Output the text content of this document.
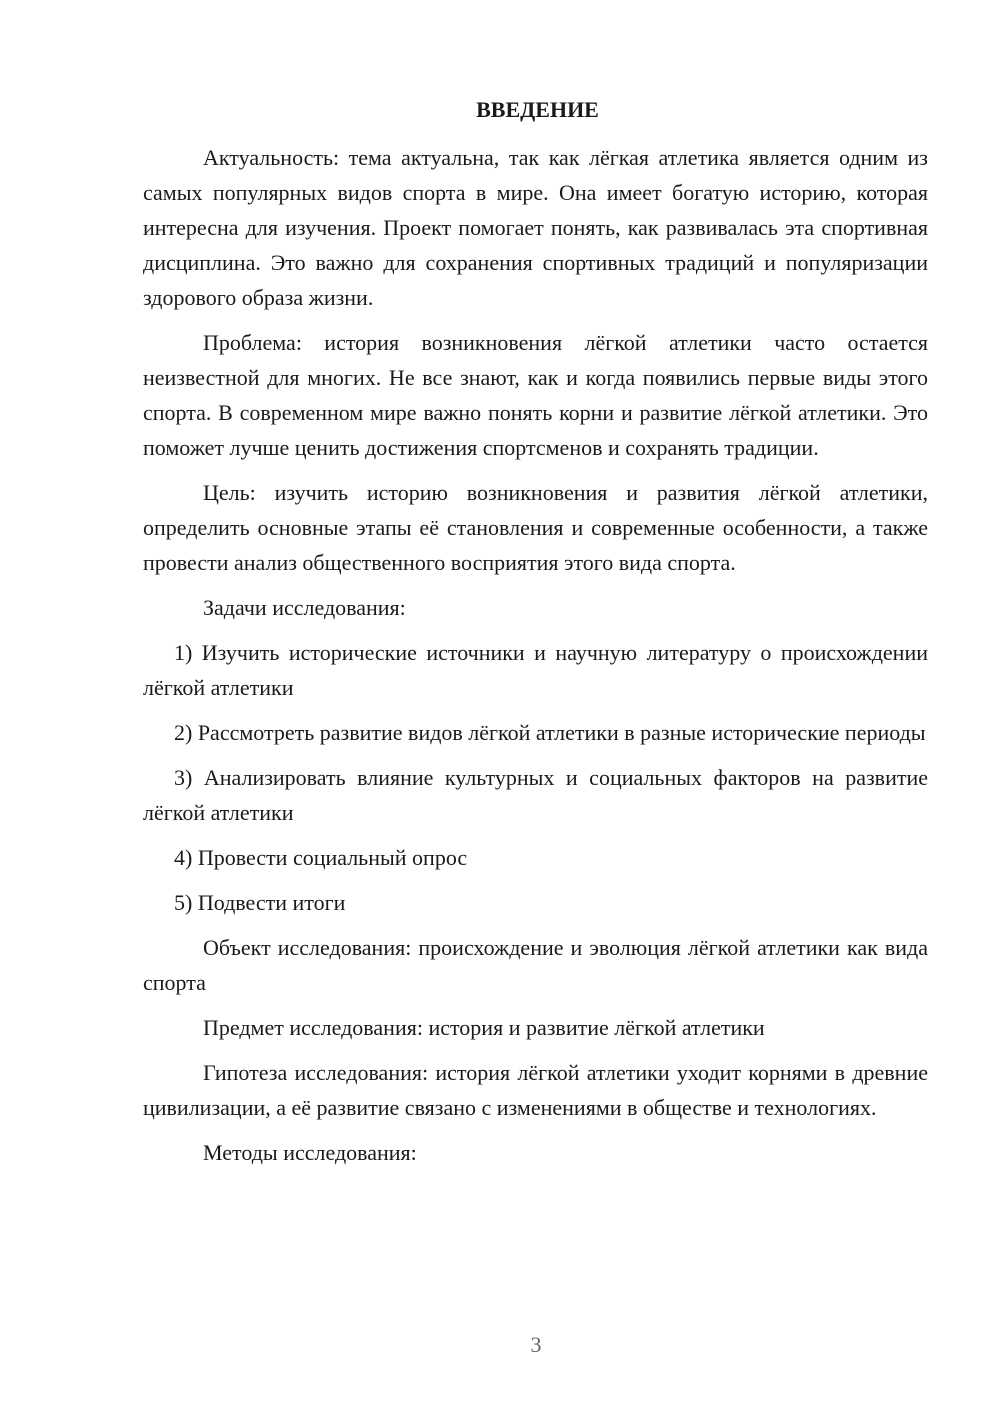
ВВЕДЕНИЕ

Актуальность: тема актуальна, так как лёгкая атлетика является одним из самых популярных видов спорта в мире. Она имеет богатую историю, которая интересна для изучения. Проект помогает понять, как развивалась эта спортивная дисциплина. Это важно для сохранения спортивных традиций и популяризации здорового образа жизни.

Проблема: история возникновения лёгкой атлетики часто остается неизвестной для многих. Не все знают, как и когда появились первые виды этого спорта. В современном мире важно понять корни и развитие лёгкой атлетики. Это поможет лучше ценить достижения спортсменов и сохранять традиции.

Цель: изучить историю возникновения и развития лёгкой атлетики, определить основные этапы её становления и современные особенности, а также провести анализ общественного восприятия этого вида спорта.

Задачи исследования:

1) Изучить исторические источники и научную литературу о происхождении лёгкой атлетики

2) Рассмотреть развитие видов лёгкой атлетики в разные исторические периоды

3) Анализировать влияние культурных и социальных факторов на развитие лёгкой атлетики

4) Провести социальный опрос

5) Подвести итоги

Объект исследования: происхождение и эволюция лёгкой атлетики как вида спорта

Предмет исследования: история и развитие лёгкой атлетики

Гипотеза исследования: история лёгкой атлетики уходит корнями в древние цивилизации, а её развитие связано с изменениями в обществе и технологиях.

Методы исследования:

3
